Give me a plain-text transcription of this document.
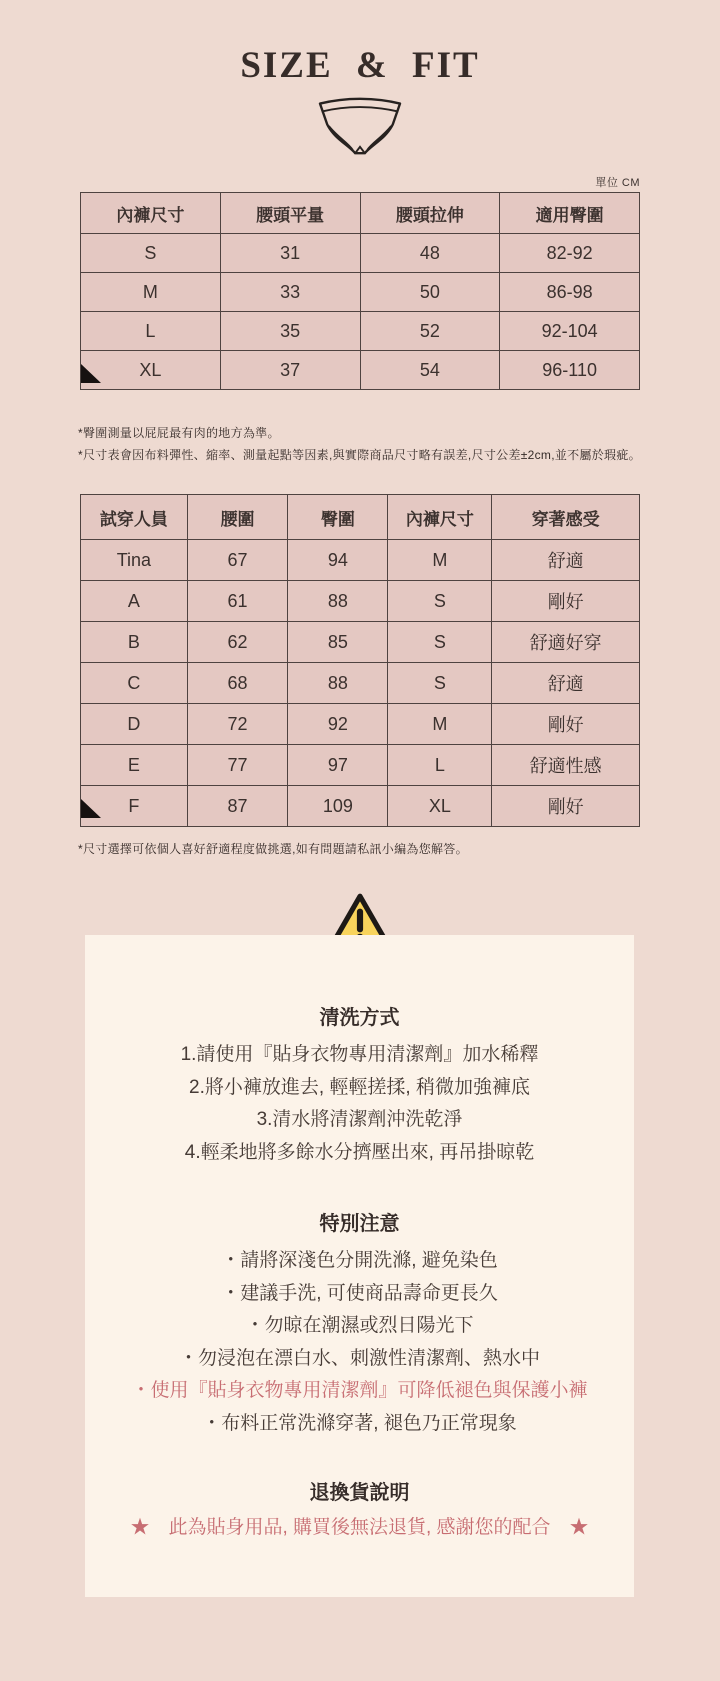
SIZE & FIT
單位 CM
內褲尺寸	腰頭平量	腰頭拉伸	適用臀圍
S	31	48	82-92
M	33	50	86-98
L	35	52	92-104
XL	37	54	96-110
*臀圍測量以屁屁最有肉的地方為準。
*尺寸表會因布料彈性、縮率、測量起點等因素,與實際商品尺寸略有誤差,尺寸公差±2cm,並不屬於瑕疵。
試穿人員	腰圍	臀圍	內褲尺寸	穿著感受
Tina	67	94	M	舒適
A	61	88	S	剛好
B	62	85	S	舒適好穿
C	68	88	S	舒適
D	72	92	M	剛好
E	77	97	L	舒適性感
F	87	109	XL	剛好
*尺寸選擇可依個人喜好舒適程度做挑選,如有問題請私訊小編為您解答。
清洗方式
1.請使用『貼身衣物專用清潔劑』加水稀釋
2.將小褲放進去, 輕輕搓揉, 稍微加強褲底
3.清水將清潔劑沖洗乾淨
4.輕柔地將多餘水分擠壓出來, 再吊掛晾乾
特別注意
・請將深淺色分開洗滌, 避免染色
・建議手洗, 可使商品壽命更長久
・勿晾在潮濕或烈日陽光下
・勿浸泡在漂白水、刺激性清潔劑、熱水中
・使用『貼身衣物專用清潔劑』可降低褪色與保護小褲
・布料正常洗滌穿著, 褪色乃正常現象
退換貨說明
★　此為貼身用品, 購買後無法退貨, 感謝您的配合　★
